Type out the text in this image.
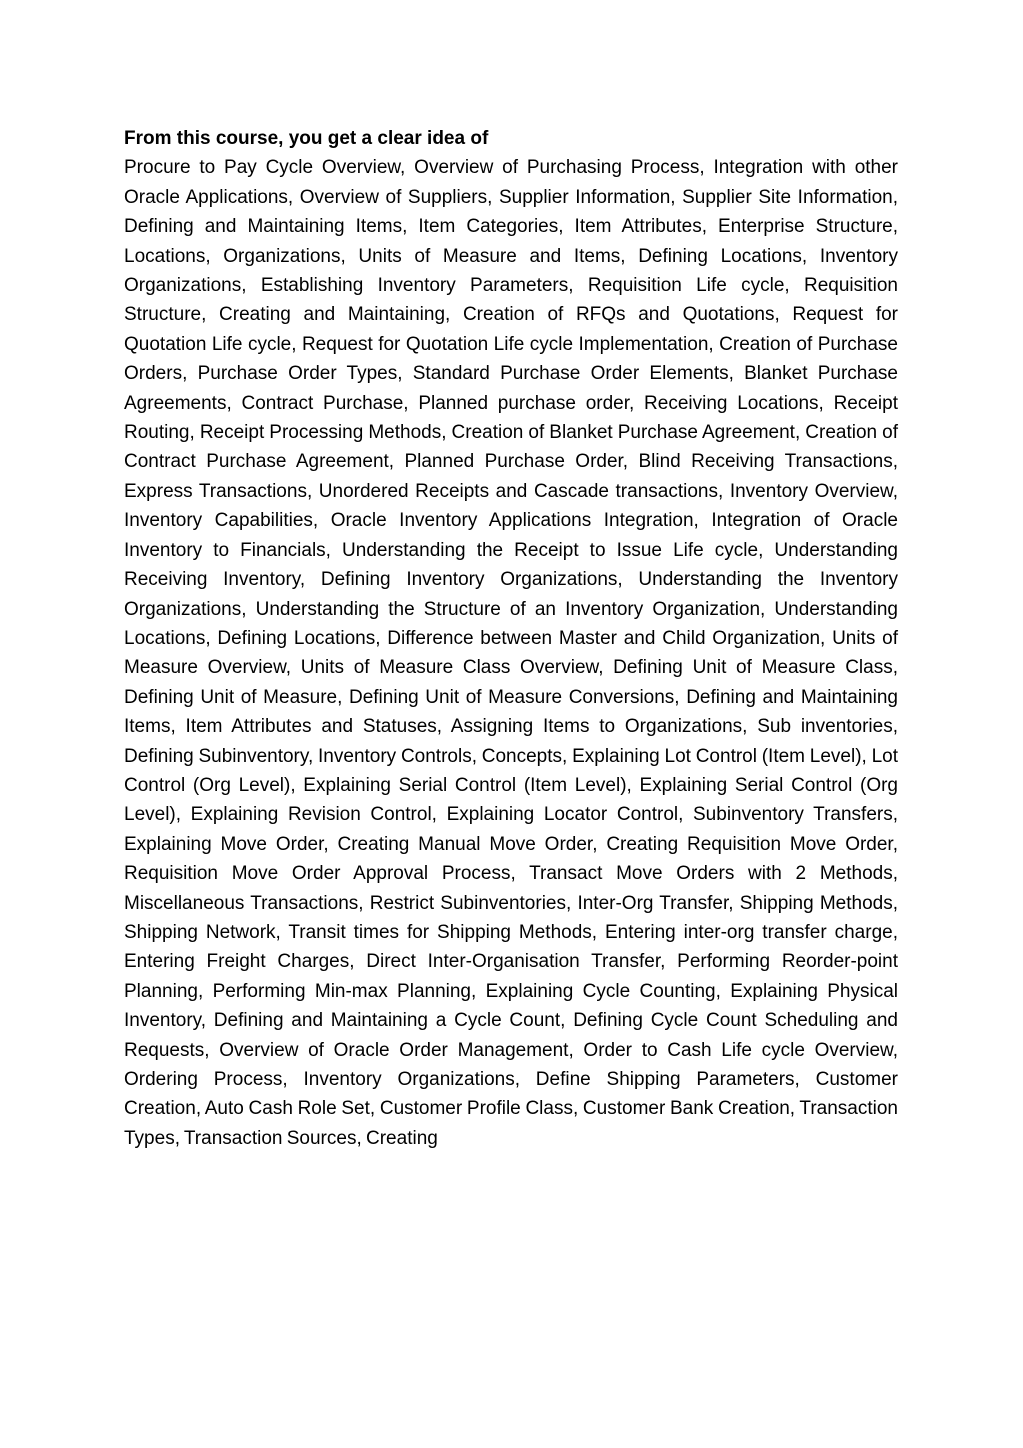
From this course, you get a clear idea of

Procure to Pay Cycle Overview, Overview of Purchasing Process, Integration with other Oracle Applications, Overview of Suppliers, Supplier Information, Supplier Site Information, Defining and Maintaining Items, Item Categories, Item Attributes, Enterprise Structure, Locations, Organizations, Units of Measure and Items, Defining Locations, Inventory Organizations, Establishing Inventory Parameters, Requisition Life cycle, Requisition Structure, Creating and Maintaining, Creation of RFQs and Quotations, Request for Quotation Life cycle, Request for Quotation Life cycle Implementation, Creation of Purchase Orders, Purchase Order Types, Standard Purchase Order Elements, Blanket Purchase Agreements, Contract Purchase, Planned purchase order, Receiving Locations, Receipt Routing, Receipt Processing Methods, Creation of Blanket Purchase Agreement, Creation of Contract Purchase Agreement, Planned Purchase Order, Blind Receiving Transactions, Express Transactions, Unordered Receipts and Cascade transactions, Inventory Overview, Inventory Capabilities, Oracle Inventory Applications Integration, Integration of Oracle Inventory to Financials, Understanding the Receipt to Issue Life cycle, Understanding Receiving Inventory, Defining Inventory Organizations, Understanding the Inventory Organizations, Understanding the Structure of an Inventory Organization, Understanding Locations, Defining Locations, Difference between Master and Child Organization, Units of Measure Overview, Units of Measure Class Overview, Defining Unit of Measure Class, Defining Unit of Measure, Defining Unit of Measure Conversions, Defining and Maintaining Items, Item Attributes and Statuses, Assigning Items to Organizations, Sub inventories, Defining Subinventory, Inventory Controls, Concepts, Explaining Lot Control (Item Level), Lot Control (Org Level), Explaining Serial Control (Item Level), Explaining Serial Control (Org Level), Explaining Revision Control, Explaining Locator Control, Subinventory Transfers, Explaining Move Order, Creating Manual Move Order, Creating Requisition Move Order, Requisition Move Order Approval Process, Transact Move Orders with 2 Methods, Miscellaneous Transactions, Restrict Subinventories, Inter-Org Transfer, Shipping Methods, Shipping Network, Transit times for Shipping Methods, Entering inter-org transfer charge, Entering Freight Charges, Direct Inter-Organisation Transfer, Performing Reorder-point Planning, Performing Min-max Planning, Explaining Cycle Counting, Explaining Physical Inventory, Defining and Maintaining a Cycle Count, Defining Cycle Count Scheduling and Requests, Overview of Oracle Order Management, Order to Cash Life cycle Overview, Ordering Process, Inventory Organizations, Define Shipping Parameters, Customer Creation, Auto Cash Role Set, Customer Profile Class, Customer Bank Creation, Transaction Types, Transaction Sources, Creating
